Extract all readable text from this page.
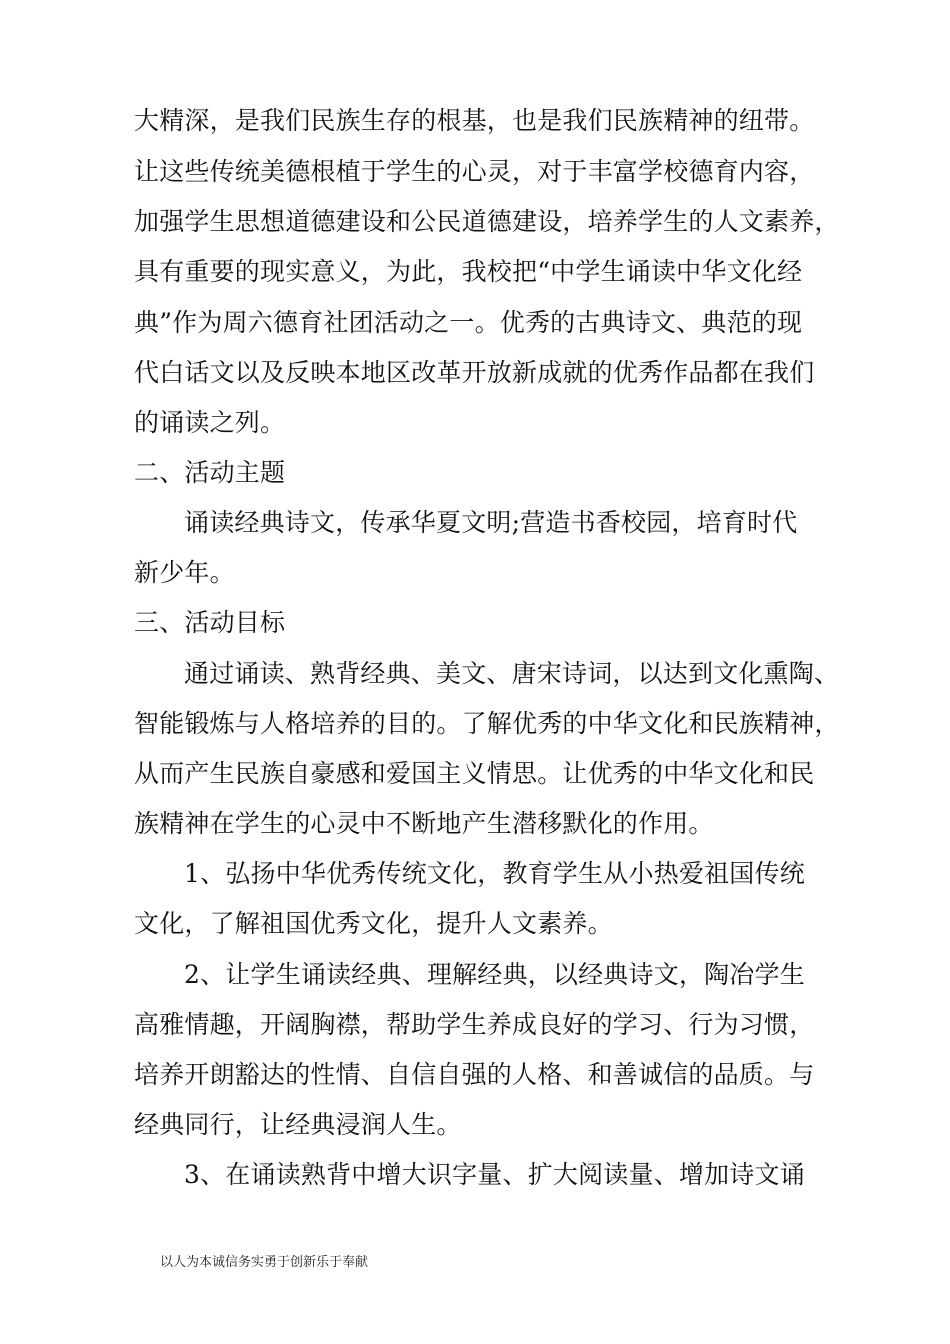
大精深，是我们民族生存的根基，也是我们民族精神的纽带。
让这些传统美德根植于学生的心灵，对于丰富学校德育内容，
加强学生思想道德建设和公民道德建设，培养学生的人文素养，
具有重要的现实意义，为此，我校把“中学生诵读中华文化经
典”作为周六德育社团活动之一。优秀的古典诗文、典范的现
代白话文以及反映本地区改革开放新成就的优秀作品都在我们
的诵读之列。
二、活动主题
诵读经典诗文，传承华夏文明;营造书香校园，培育时代
新少年。
三、活动目标
通过诵读、熟背经典、美文、唐宋诗词，以达到文化熏陶、
智能锻炼与人格培养的目的。了解优秀的中华文化和民族精神，
从而产生民族自豪感和爱国主义情思。让优秀的中华文化和民
族精神在学生的心灵中不断地产生潜移默化的作用。
1、弘扬中华优秀传统文化，教育学生从小热爱祖国传统
文化，了解祖国优秀文化，提升人文素养。
2、让学生诵读经典、理解经典，以经典诗文，陶冶学生
高雅情趣，开阔胸襟，帮助学生养成良好的学习、行为习惯，
培养开朗豁达的性情、自信自强的人格、和善诚信的品质。与
经典同行，让经典浸润人生。
3、在诵读熟背中增大识字量、扩大阅读量、增加诗文诵
以人为本诚信务实勇于创新乐于奉献
